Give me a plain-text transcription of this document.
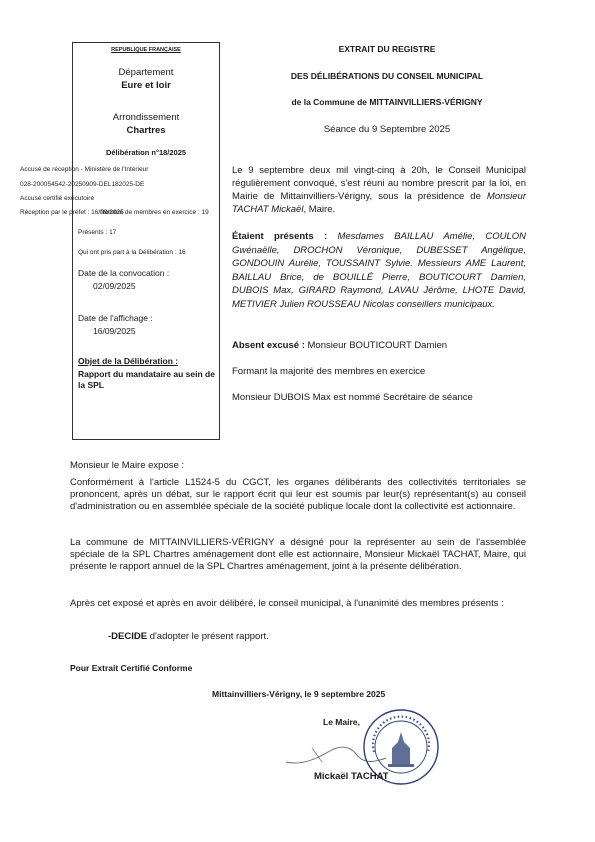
REPUBLIQUE FRANÇAISE
Département
Eure et loir
Arrondissement
Chartres
Délibération n°18/2025
Accusé de réception - Ministère de l'Intérieur
028-200054542-20250909-DEL182025-DE
Accusé certifié exécutoire
Réception par le préfet : 16/09/2025
Nombre de membres en exercice : 19
Présents : 17
Qui ont pris part à la Délibération : 16
Date de la convocation :
02/09/2025
Date de l'affichage :
16/09/2025
Objet de la Délibération :
Rapport du mandataire au sein de la SPL
EXTRAIT DU REGISTRE
DES DÉLIBÉRATIONS DU CONSEIL MUNICIPAL
de la Commune de MITTAINVILLIERS-VÉRIGNY
Séance du 9 Septembre 2025

Le 9 septembre deux mil vingt-cinq à 20h, le Conseil Municipal régulièrement convoqué, s'est réuni au nombre prescrit par la loi, en Mairie de Mittainvilliers-Vérigny, sous la présidence de Monsieur TACHAT Mickaël, Maire.

Étaient présents : Mesdames BAILLAU Amélie, COULON Gwénaëlle, DROCHON Véronique, DUBESSET Angélique, GONDOUIN Aurélie, TOUSSAINT Sylvie. Messieurs AME Laurent, BAILLAU Brice, de BOUILLÉ Pierre, BOUTICOURT Damien, DUBOIS Max, GIRARD Raymond, LAVAU Jérôme, LHOTE David, METIVIER Julien ROUSSEAU Nicolas conseillers municipaux.

Absent excusé : Monsieur BOUTICOURT Damien

Formant la majorité des membres en exercice
Monsieur DUBOIS Max est nommé Secrétaire de séance
Monsieur le Maire expose :

Conformément à l'article L1524-5 du CGCT, les organes délibérants des collectivités territoriales se prononcent, après un débat, sur le rapport écrit qui leur est soumis par leur(s) représentant(s) au conseil d'administration ou en assemblée spéciale de la société publique locale dont la collectivité est actionnaire.

La commune de MITTAINVILLIERS-VÉRIGNY a désigné pour la représenter au sein de l'assemblée spéciale de la SPL Chartres aménagement dont elle est actionnaire, Monsieur Mickaël TACHAT, Maire, qui présente le rapport annuel de la SPL Chartres aménagement, joint à la présente délibération.

Après cet exposé et après en avoir délibéré, le conseil municipal, à l'unanimité des membres présents :

-DECIDE d'adopter le présent rapport.

Pour Extrait Certifié Conforme
Mittainvilliers-Vérigny, le 9 septembre 2025
Le Maire,
Mickaël TACHAT
